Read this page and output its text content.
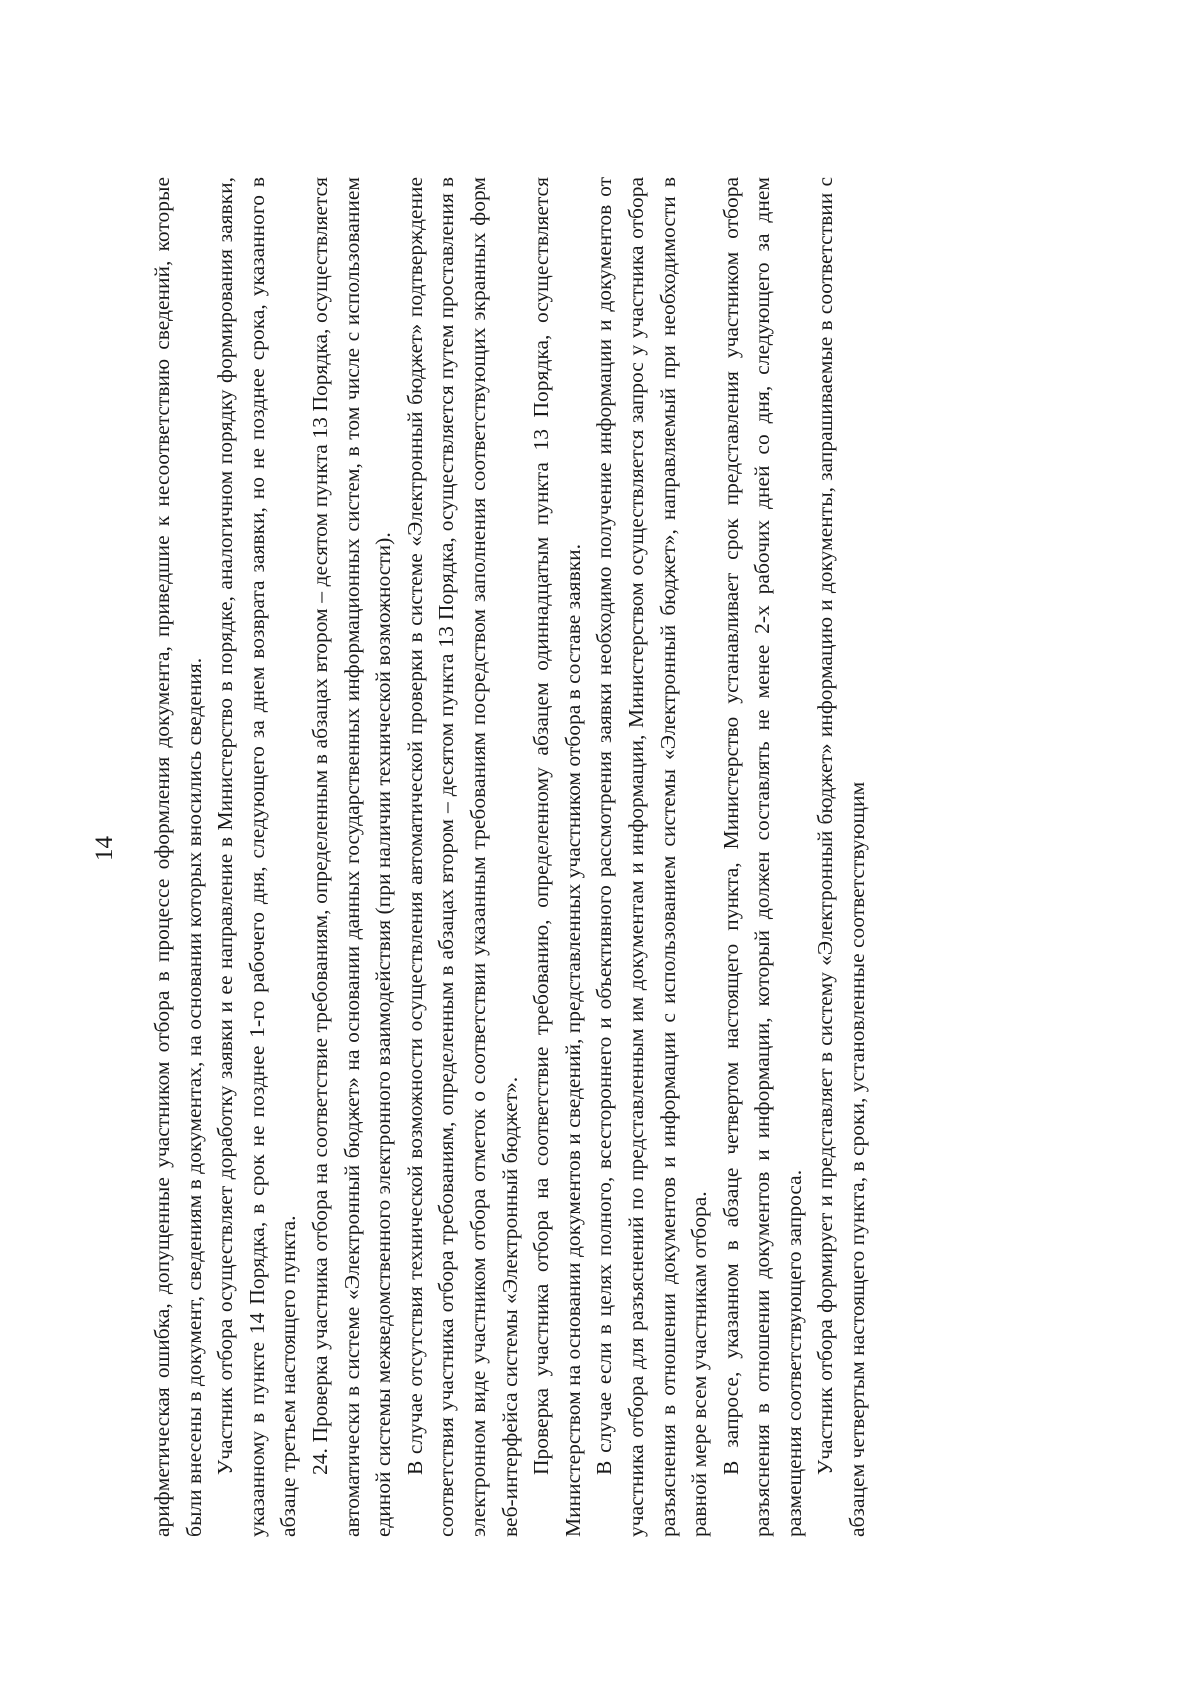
14 арифметическая ошибка, допущенные участником отбора в процессе оформления документа, приведшие к несоответствию сведений, которые были внесены в документ, сведениям в документах, на основании которых вносились сведения. Участник отбора осуществляет доработку заявки и ее направление в Министерство в порядке, аналогичном порядку формирования заявки, указанному в пункте 14 Порядка, в срок не позднее 1-го рабочего дня, следующего за днем возврата заявки, но не позднее срока, указанного в абзаце третьем настоящего пункта. 24. Проверка участника отбора на соответствие требованиям, определенным в абзацах втором – десятом пункта 13 Порядка, осуществляется автоматически в системе «Электронный бюджет» на основании данных государственных информационных систем, в том числе с использованием единой системы межведомственного электронного взаимодействия (при наличии технической возможности). В случае отсутствия технической возможности осуществления автоматической проверки в системе «Электронный бюджет» подтверждение соответствия участника отбора требованиям, определенным в абзацах втором – десятом пункта 13 Порядка, осуществляется путем проставления в электронном виде участником отбора отметок о соответствии указанным требованиям посредством заполнения соответствующих экранных форм веб-интерфейса системы «Электронный бюджет». Проверка участника отбора на соответствие требованию, определенному абзацем одиннадцатым пункта 13 Порядка, осуществляется Министерством на основании документов и сведений, представленных участником отбора в составе заявки. В случае если в целях полного, всестороннего и объективного рассмотрения заявки необходимо получение информации и документов от участника отбора для разъяснений по представленным им документам и информации, Министерством осуществляется запрос у участника отбора разъяснения в отношении документов и информации с использованием системы «Электронный бюджет», направляемый при необходимости в равной мере всем участникам отбора. В запросе, указанном в абзаце четвертом настоящего пункта, Министерство устанавливает срок представления участником отбора разъяснения в отношении документов и информации, который должен составлять не менее 2-х рабочих дней со дня, следующего за днем размещения соответствующего запроса. Участник отбора формирует и представляет в систему «Электронный бюджет» информацию и документы, запрашиваемые в соответствии с абзацем четвертым настоящего пункта, в сроки, установленные соответствующим
